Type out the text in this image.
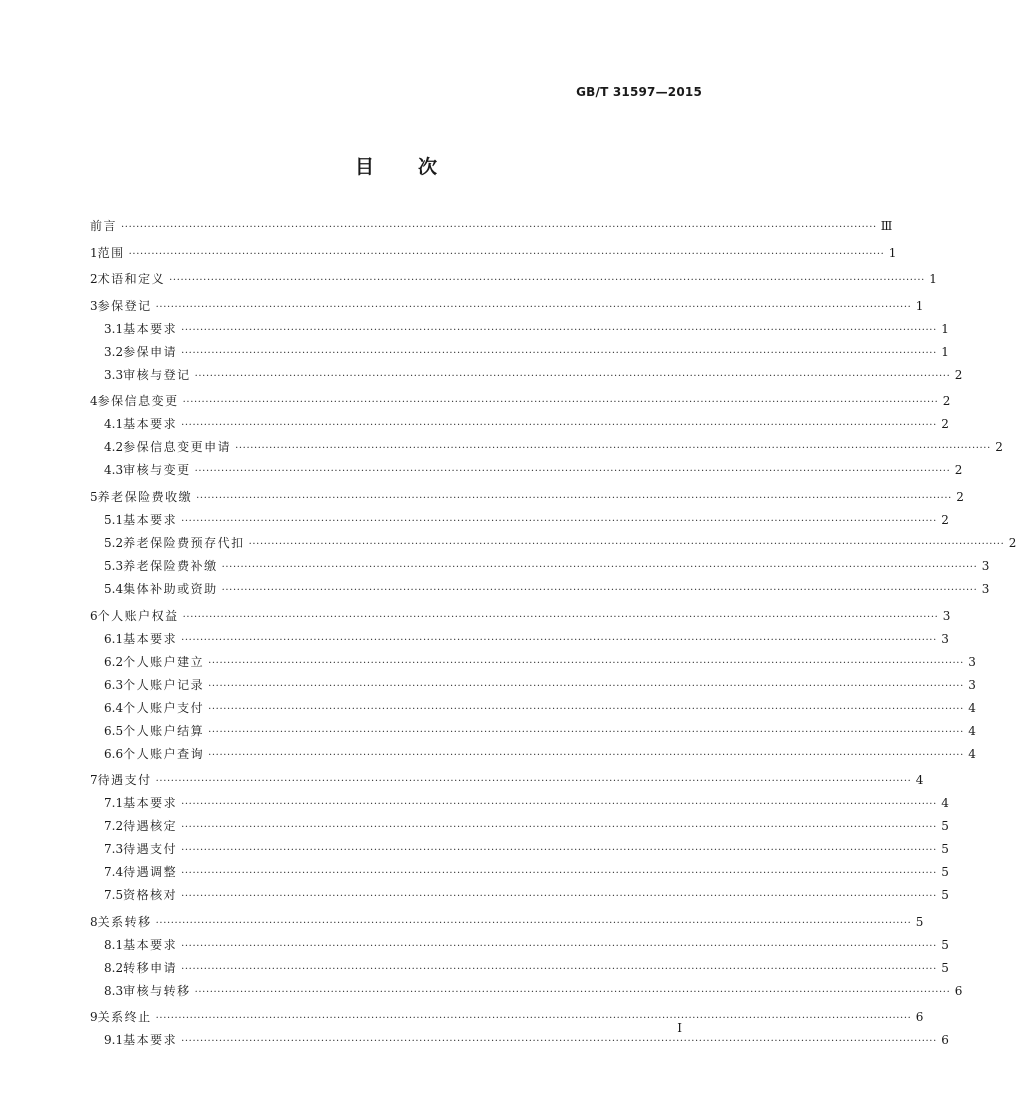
GB/T 31597—2015
目 次
前言 ········································································································································································································ Ⅲ
1 范围 ········································································································································································································ 1
2 术语和定义 ········································································································································································································ 1
3 参保登记 ········································································································································································································ 1
3.1 基本要求 ········································································································································································································ 1
3.2 参保申请 ········································································································································································································ 1
3.3 审核与登记 ········································································································································································································ 2
4 参保信息变更 ········································································································································································································ 2
4.1 基本要求 ········································································································································································································ 2
4.2 参保信息变更申请 ········································································································································································································ 2
4.3 审核与变更 ········································································································································································································ 2
5 养老保险费收缴 ········································································································································································································ 2
5.1 基本要求 ········································································································································································································ 2
5.2 养老保险费预存代扣 ········································································································································································································ 2
5.3 养老保险费补缴 ········································································································································································································ 3
5.4 集体补助或资助 ········································································································································································································ 3
6 个人账户权益 ········································································································································································································ 3
6.1 基本要求 ········································································································································································································ 3
6.2 个人账户建立 ········································································································································································································ 3
6.3 个人账户记录 ········································································································································································································ 3
6.4 个人账户支付 ········································································································································································································ 4
6.5 个人账户结算 ········································································································································································································ 4
6.6 个人账户查询 ········································································································································································································ 4
7 待遇支付 ········································································································································································································ 4
7.1 基本要求 ········································································································································································································ 4
7.2 待遇核定 ········································································································································································································ 5
7.3 待遇支付 ········································································································································································································ 5
7.4 待遇调整 ········································································································································································································ 5
7.5 资格核对 ········································································································································································································ 5
8 关系转移 ········································································································································································································ 5
8.1 基本要求 ········································································································································································································ 5
8.2 转移申请 ········································································································································································································ 5
8.3 审核与转移 ········································································································································································································ 6
9 关系终止 ········································································································································································································ 6
9.1 基本要求 ········································································································································································································ 6
I
